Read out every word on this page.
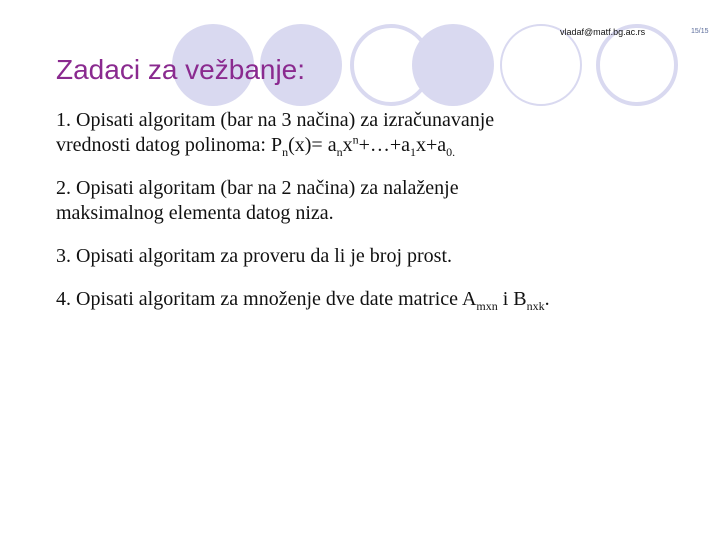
vladaf@matf.bg.ac.rs	15/15
Zadaci za vežbanje:
1. Opisati algoritam (bar na 3 načina) za izračunavanje
vrednosti datog polinoma: $P_n(x)=$ $a_nx^n+\dots+a_1x+a_{0.}$
2. Opisati algoritam (bar na 2 načina) za nalaženje
maksimalnog elementa datog niza.
3. Opisati algoritam za proveru da li je broj prost.
4. Opisati algoritam za množenje dve date matrice $A_{mxn}$ i $B_{nxk}$.
